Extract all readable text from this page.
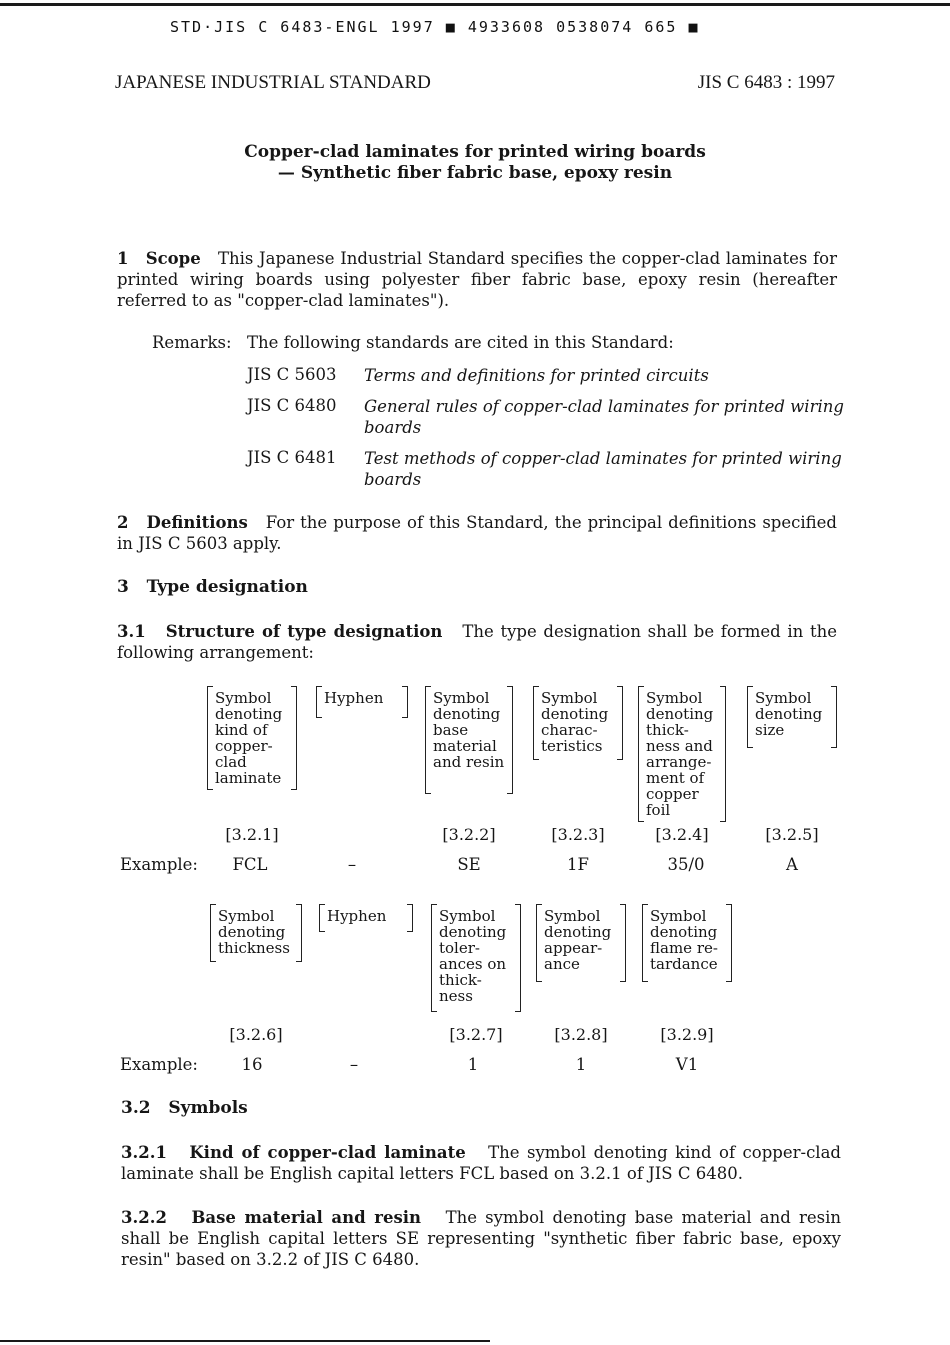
STD·JIS C 6483-ENGL 1997 ■ 4933608 0538074 665 ■
JAPANESE INDUSTRIAL STANDARD	JIS C 6483 : 1997
Copper-clad laminates for printed wiring boards
— Synthetic fiber fabric base, epoxy resin
1 Scope This Japanese Industrial Standard specifies the copper-clad laminates for printed wiring boards using polyester fiber fabric base, epoxy resin (hereafter referred to as "copper-clad laminates").
Remarks: The following standards are cited in this Standard:
JIS C 5603 Terms and definitions for printed circuits
JIS C 6480 General rules of copper-clad laminates for printed wiring boards
JIS C 6481 Test methods of copper-clad laminates for printed wiring boards
2 Definitions For the purpose of this Standard, the principal definitions specified in JIS C 5603 apply.
3 Type designation
3.1 Structure of type designation The type designation shall be formed in the following arrangement:
Symbol denoting kind of copper-clad laminate
Hyphen	Symbol denoting base material and resin
Symbol denoting charac-teristics
Symbol denoting thick-ness and arrange-ment of copper foil
Symbol denoting size
[3.2.1]	[3.2.2]	[3.2.3]	[3.2.4]	[3.2.5]
Example:	FCL	–	SE	1F	35/0	A
Symbol denoting thickness
Hyphen	Symbol denoting toler-ances on thick-ness
Symbol denoting appear-ance
Symbol denoting flame re-tardance
[3.2.6]	[3.2.7]	[3.2.8]	[3.2.9]
Example:	16	–	1	1	V1
3.2 Symbols
3.2.1 Kind of copper-clad laminate The symbol denoting kind of copper-clad laminate shall be English capital letters FCL based on 3.2.1 of JIS C 6480.
3.2.2 Base material and resin The symbol denoting base material and resin shall be English capital letters SE representing "synthetic fiber fabric base, epoxy resin" based on 3.2.2 of JIS C 6480.
